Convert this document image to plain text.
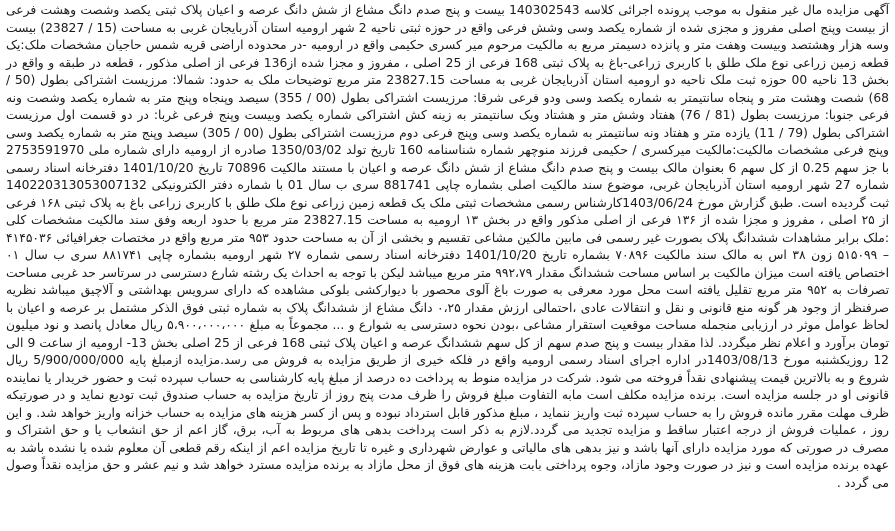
آگهی مزایده مال غیر منقول به موجب پرونده اجرائی کلاسه 140302543 بیست و پنج صدم دانگ مشاع از شش دانگ عرصه و اعیان پلاک ثبتی یکصد وشصت وهشت فرعی از بیست وپنج اصلی مفروز و مجزی شده از شماره یکصد وسی وشش فرعی واقع در حوزه ثبتی ناحیه 2 شهر ارومیه استان آذربایجان غربی به مساحت (15 / 23827) بیست وسه هزار وهشتصد وبیست وهفت متر و پانزده دسیمتر مربع به مالکیت مرحوم میر کسری حکیمی واقع در ارومیه -در محدوده اراضی قریه شمس حاجیان مشخصات ملک:یک قطعه زمین زراعی نوع ملک طلق با کاربری زراعی-باغ به پلاک ثبتی 168 فرعی از 25 اصلی ، مفروز و مجزا شده از136 فرعی از اصلی مذکور ، قطعه در طبقه و واقع در بخش 13 ناحیه 00 حوزه ثبت ملک ناحیه دو ارومیه استان آذربایجان غربی به مساحت 23827.15 متر مربع توضیحات ملک به حدود: شمالا: مرزیست اشتراکی بطول (50 / 68) شصت وهشت متر و پنجاه سانتیمتر به شماره یکصد وسی ودو فرعی شرقا: مرزیست اشتراکی بطول (00 / 355) سیصد وپنجاه وپنج متر به شماره یکصد وشصت ونه فرعی جنوبا: مرزیست بطول (81 / 76) هفتاد وشش متر و هشتاد ویک سانتیمتر به زینه کش اشتراکی شماره یکصد وبیست وپنج فرعی غربا: در دو قسمت اول مرزیست اشتراکی بطول (79 / 11) یازده متر و هفتاد ونه سانتیمتر به شماره یکصد وسی وپنج فرعی دوم مرزیست اشتراکی بطول (00 / 305) سیصد وپنج متر به شماره یکصد وسی وپنج فرعی مشخصات مالکیت:مالکیت میرکسری / حکیمی فرزند منوچهر شماره شناسنامه 160 تاریخ تولد 1350/03/02 صادره از ارومیه دارای شماره ملی 2753591970 با جز سهم 0.25 از کل سهم 6 بعنوان مالک بیست و پنج صدم دانگ مشاع از شش دانگ عرصه و اعیان با مستند مالکیت 70896 تاریخ 1401/10/20 دفترخانه اسناد رسمی شماره 27 شهر ارومیه استان آذربایجان غربی، موضوع سند مالکیت اصلی بشماره چاپی 881741 سری ب سال 01 با شماره دفتر الکترونیکی 140220313053007132 ثبت گردیده است. طبق گزارش مورخ 1403/06/24کارشناس رسمی مشخصات ثبتی ملک یک قطعه زمین زراعی نوع ملک طلق با کاربری زراعی باغ به پلاک ثبتی ۱۶۸ فرعی از ۲۵ اصلی ، مفروز و مجزا شده از ۱۳۶ فرعی از اصلی مذکور واقع در بخش ۱۳ ارومیه به مساحت 23827.15 متر مربع با حدود اربعه وفق سند مالکیت مشخصات کلی :ملک برابر مشاهدات ششدانگ پلاک بصورت غیر رسمی فی مابین مالکین مشاعی تقسیم و بخشی از آن به مساحت حدود ۹۵۳ متر مربع واقع در مختصات جغرافیائی ۴۱۴۵۰۳۶ – ۵۱۵۰۹۹ زون ۳۸ اس به مالک سند مالکیت ۷۰۸۹۶ بشماره تاریخ 1401/10/20 دفترخانه اسناد رسمی شماره ۲۷ شهر ارومیه بشماره چاپی ۸۸۱۷۴۱ سری ب سال ۰۱ اختصاص یافته است میزان مالکیت بر اساس مساحت ششدانگ مقدار ۹۹۲،۷۹ متر مربع میباشد لیکن با توجه به احداث یک رشته شارع دسترسی در سرتاسر حد غربی مساحت تصرفات به ۹۵۲ متر مربع تقلیل یافته است محل مورد معرفی به صورت باغ آلوی محصور با دیوارکشی بلوکی مشاهده که دارای سرویس بهداشتی و آلاچیق میباشد نظریه صرفنظر از وجود هر گونه منع قانونی و نقل و انتقالات عادی ،احتمالی ارزش مقدار ۰،۲۵ دانگ مشاع از ششدانگ پلاک به شماره ثبتی فوق الذکر مشتمل بر عرصه و اعیان با لحاظ عوامل موثر در ارزیابی منجمله مساحت موقعیت استقرار مشاعی ،بودن نحوه دسترسی به شوارع و ... مجموعاً به مبلغ ۵،۹۰۰،۰۰۰،۰۰۰ ریال معادل پانصد و نود میلیون تومان برآورد و اعلام نظر میگردد. لذا مقدار بیست و پنج صدم سهم از کل سهم ششدانگ عرصه و اعیان پلاک ثبتی 168 فرعی از 25 اصلی بخش 13- ارومیه از ساعت 9 الی 12 روزیکشنبه مورخ 1403/08/13در اداره اجرای اسناد رسمی ارومیه واقع در فلکه خیری از طریق مزایده به فروش می رسد.مزایده ازمبلغ پایه 5/900/000/000 ریال شروع و به بالاترین قیمت پیشنهادی نقداً فروخته می شود. شرکت در مزایده منوط به پرداخت ده درصد از مبلغ پایه کارشناسی به حساب سپرده ثبت و حضور خریدار یا نماینده قانونی او در جلسه مزایده است. برنده مزایده مکلف است مابه التفاوت مبلغ فروش را ظرف مدت پنج روز از تاریخ مزایده به حساب صندوق ثبت تودیع نماید و در صورتیکه ظرف مهلت مقرر مانده فروش را به حساب سپرده ثبت واریز ننماید ، مبلغ مذکور قابل استرداد نبوده و پس از کسر هزینه های مزایده به حساب خزانه واریز خواهد شد. و این روز ، عملیات فروش از درجه اعتبار ساقط و مزایده تجدید می گردد.لازم به ذکر است پرداخت بدهی های مربوط به آب، برق، گاز اعم از حق انشعاب یا و حق اشتراک و مصرف در صورتی که مورد مزایده دارای آنها باشد و نیز بدهی های مالیاتی و عوارض شهرداری و غیره تا تاریخ مزایده اعم از اینکه رقم قطعی آن معلوم شده یا نشده باشد به عهده برنده مزایده است و نیز در صورت وجود مازاد، وجوه پرداختی بابت هزینه های فوق از محل مازاد به برنده مزایده مسترد خواهد شد و نیم عشر و حق مزایده نقداً وصول می گردد .
